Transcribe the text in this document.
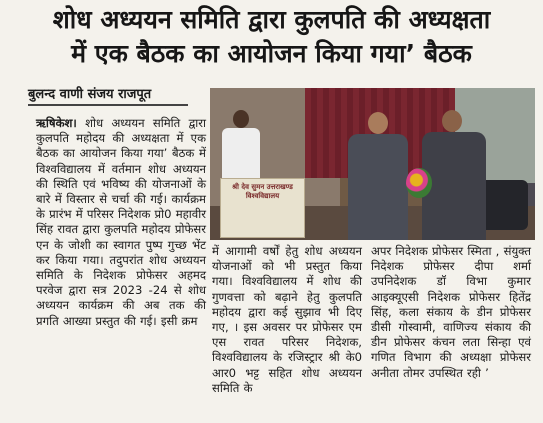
शोध अध्ययन समिति द्वारा कुलपति की अध्यक्षता
में एक बैठक का आयोजन किया गया’ बैठक
बुलन्द वाणी संजय राजपूत
श्री देव सुमन उत्तराखण्ड विश्वविद्यालय
ऋषिकेश। शोध अध्ययन समिति द्वारा कुलपति महोदय की अध्यक्षता में एक बैठक का आयोजन किया गया’ बैठक में विश्वविद्यालय में वर्तमान शोध अध्ययन की स्थिति एवं भविष्य की योजनाओं के बारे में विस्तार से चर्चा की गई। कार्यक्रम के प्रारंभ में परिसर निदेशक प्रो0 महावीर सिंह रावत द्वारा कुलपति महोदय प्रोफेसर एन के जोशी का स्वागत पुष्प गुच्छ भेंट कर किया गया। तदुपरांत शोध अध्ययन समिति के निदेशक प्रोफेसर अहमद परवेज द्वारा सत्र 2023 -24 से शोध अध्ययन कार्यक्रम की अब तक की प्रगति आख्या प्रस्तुत की गई। इसी क्रम
में आगामी वर्षों हेतु शोध अध्ययन योजनाओं को भी प्रस्तुत किया गया। विश्वविद्यालय में शोध की गुणवत्ता को बढ़ाने हेतु कुलपति महोदय द्वारा कई सुझाव भी दिए गए, । इस अवसर पर प्रोफेसर एम एस रावत परिसर निदेशक, विश्वविद्यालय के रजिस्ट्रार श्री के0 आर0 भट्ट सहित शोध अध्ययन समिति के
अपर निदेशक प्रोफेसर स्मिता , संयुक्त निदेशक प्रोफेसर दीपा शर्मा उपनिदेशक डॉ विभा कुमार आइक्यूएसी निदेशक प्रोफेसर हितेंद्र सिंह, कला संकाय के डीन प्रोफेसर डीसी गोस्वामी, वाणिज्य संकाय की डीन प्रोफेसर कंचन लता सिन्हा एवं गणित विभाग की अध्यक्षा प्रोफेसर अनीता तोमर उपस्थित रही ’
